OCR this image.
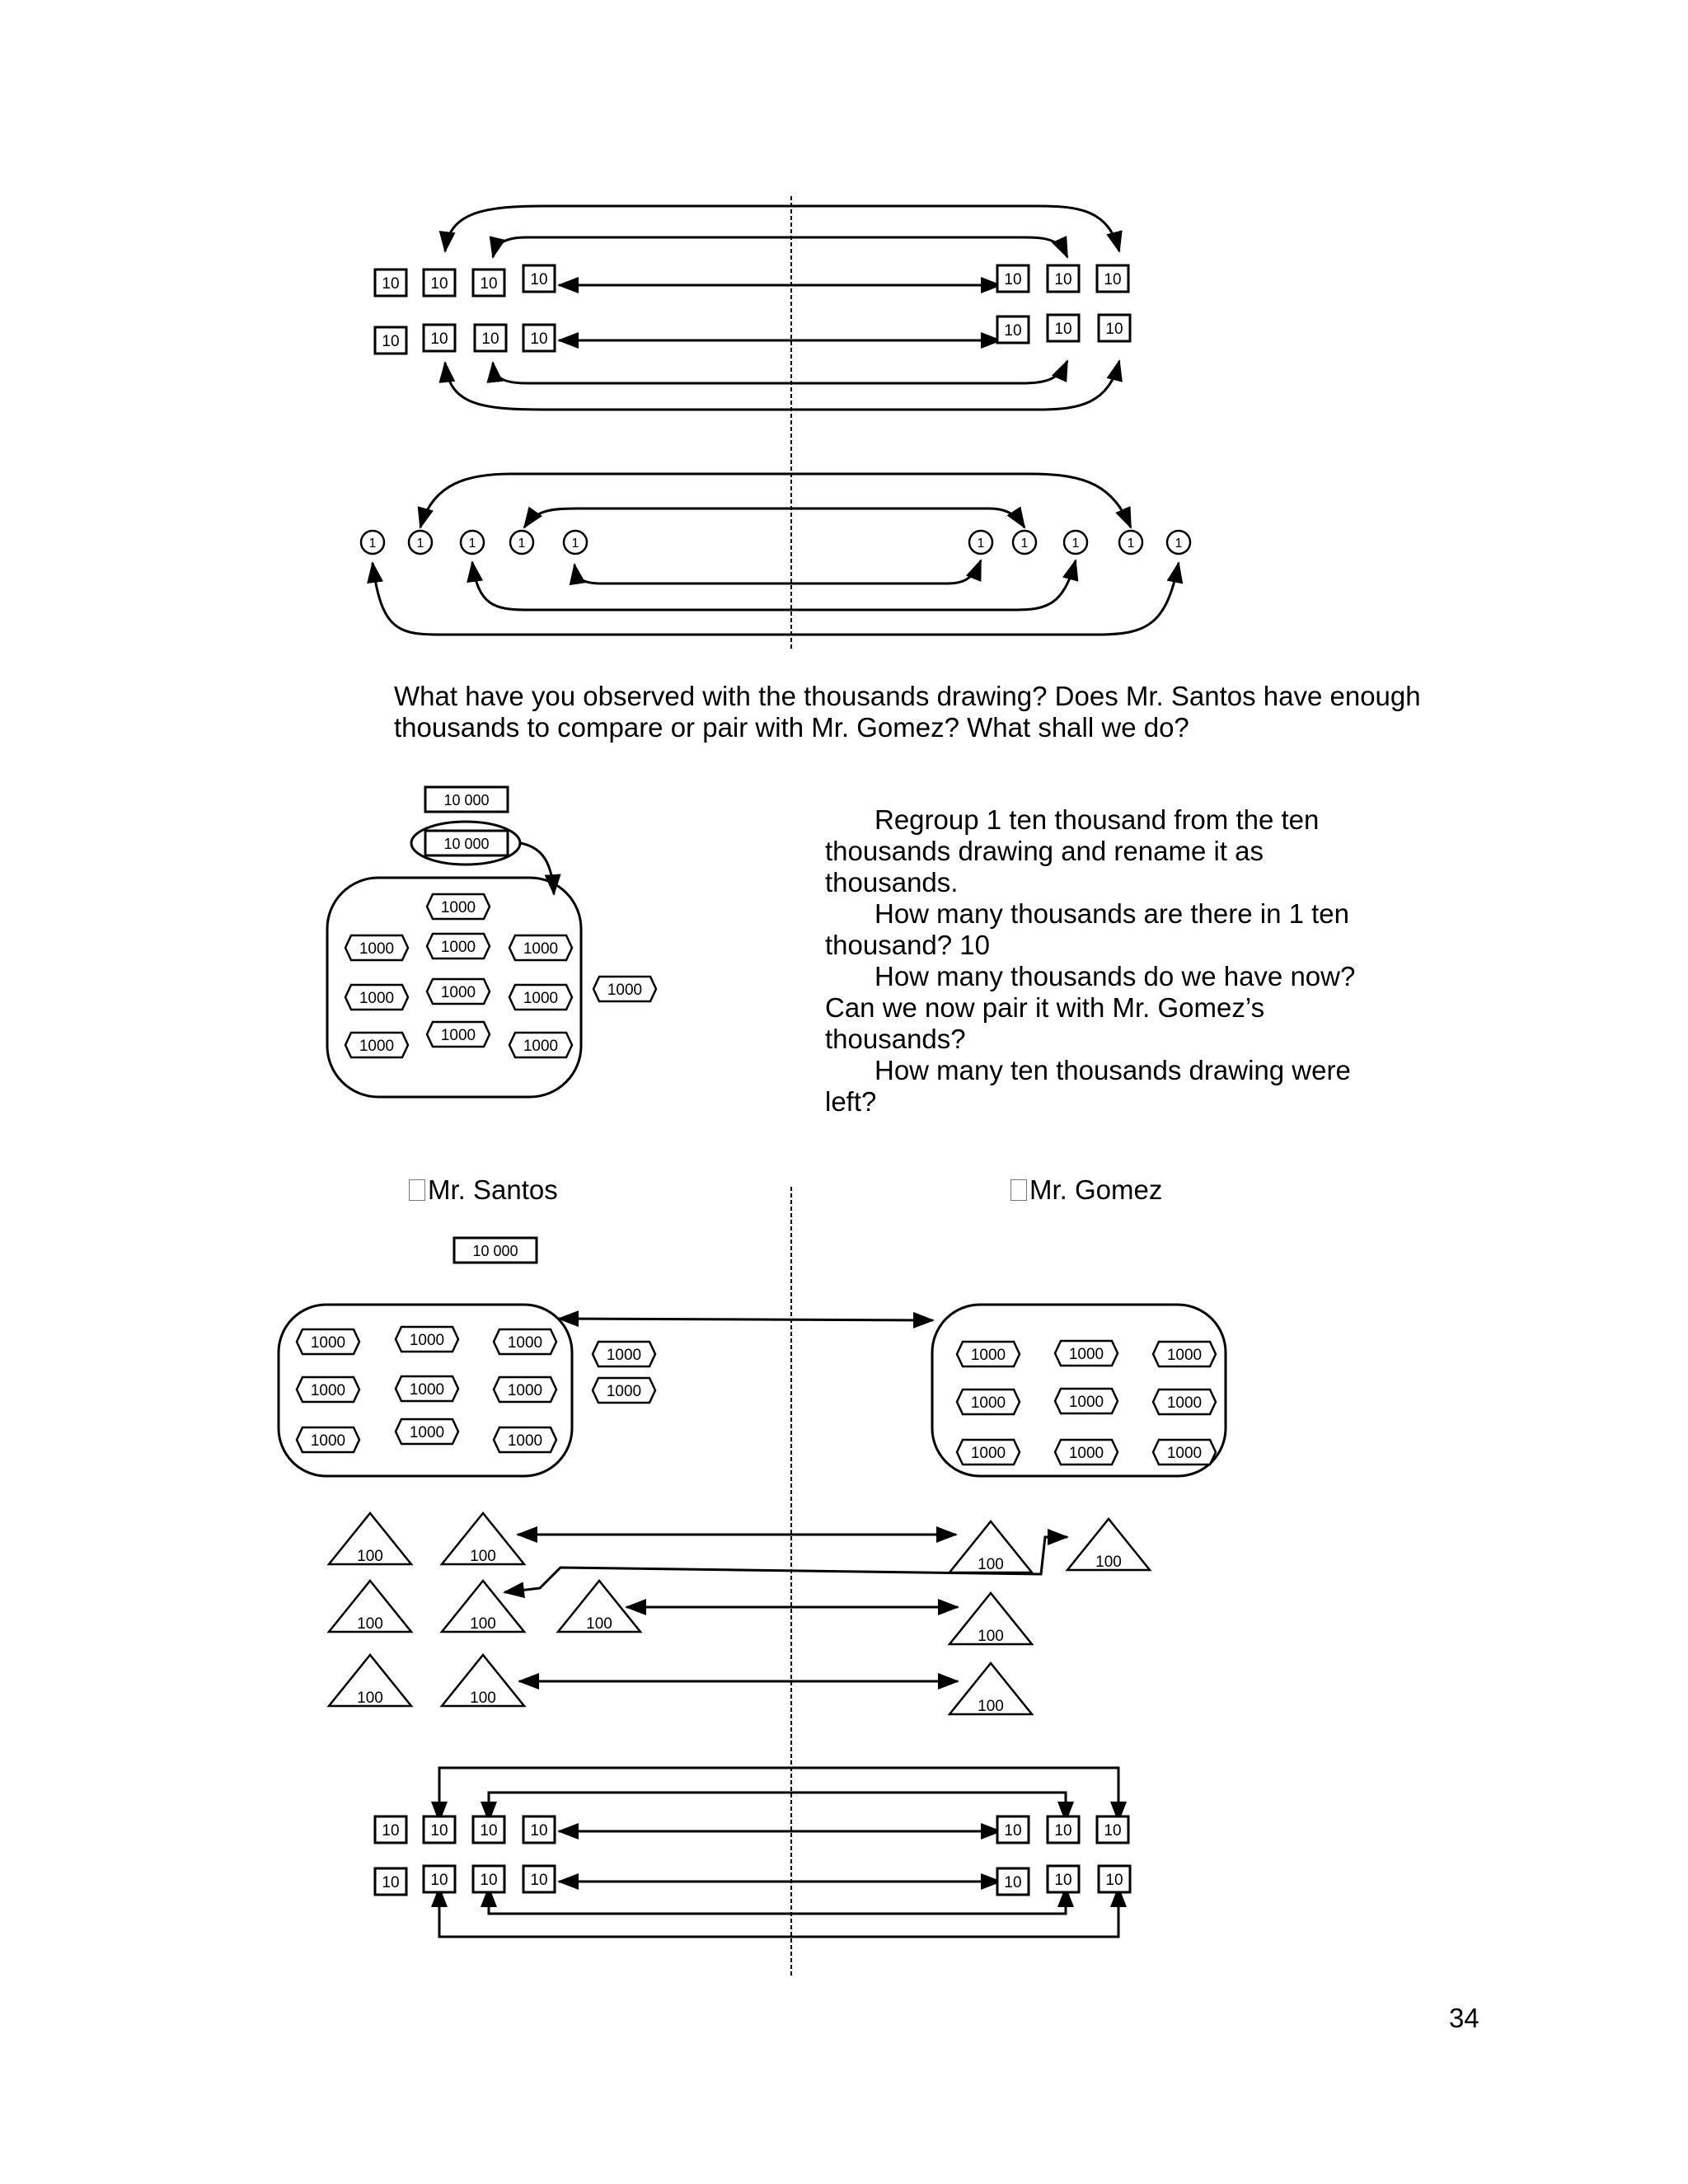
10 10 10 10	10 10 10
10 10 10 10	10 10 10
1	1	1	1	1	1	1	1	1	1
10 000
10 000
1000
1000	1000	1000
1000	1000	1000
1000
1000
1000
1000
10 000
1000	1000	1000
1000
1000	1000	1000	1000
1000	1000	1000
1000	1000	1000
1000	1000	1000
1000	1000	1000
100	100
100	100	100
100	100
100	100
100
100
10 10 10 10	10 10 10
10 10 10 10	10 10 10
What have you observed with the thousands drawing? Does Mr. Santos have enough thousands to compare or pair with Mr. Gomez? What shall we do?
Regroup 1 ten thousand from the ten thousands drawing and rename it as thousands.
How many thousands are there in 1 ten thousand? 10
How many thousands do we have now? Can we now pair it with Mr. Gomez’s thousands?
How many ten thousands drawing were left?
Mr. Santos	Mr. Gomez
34
